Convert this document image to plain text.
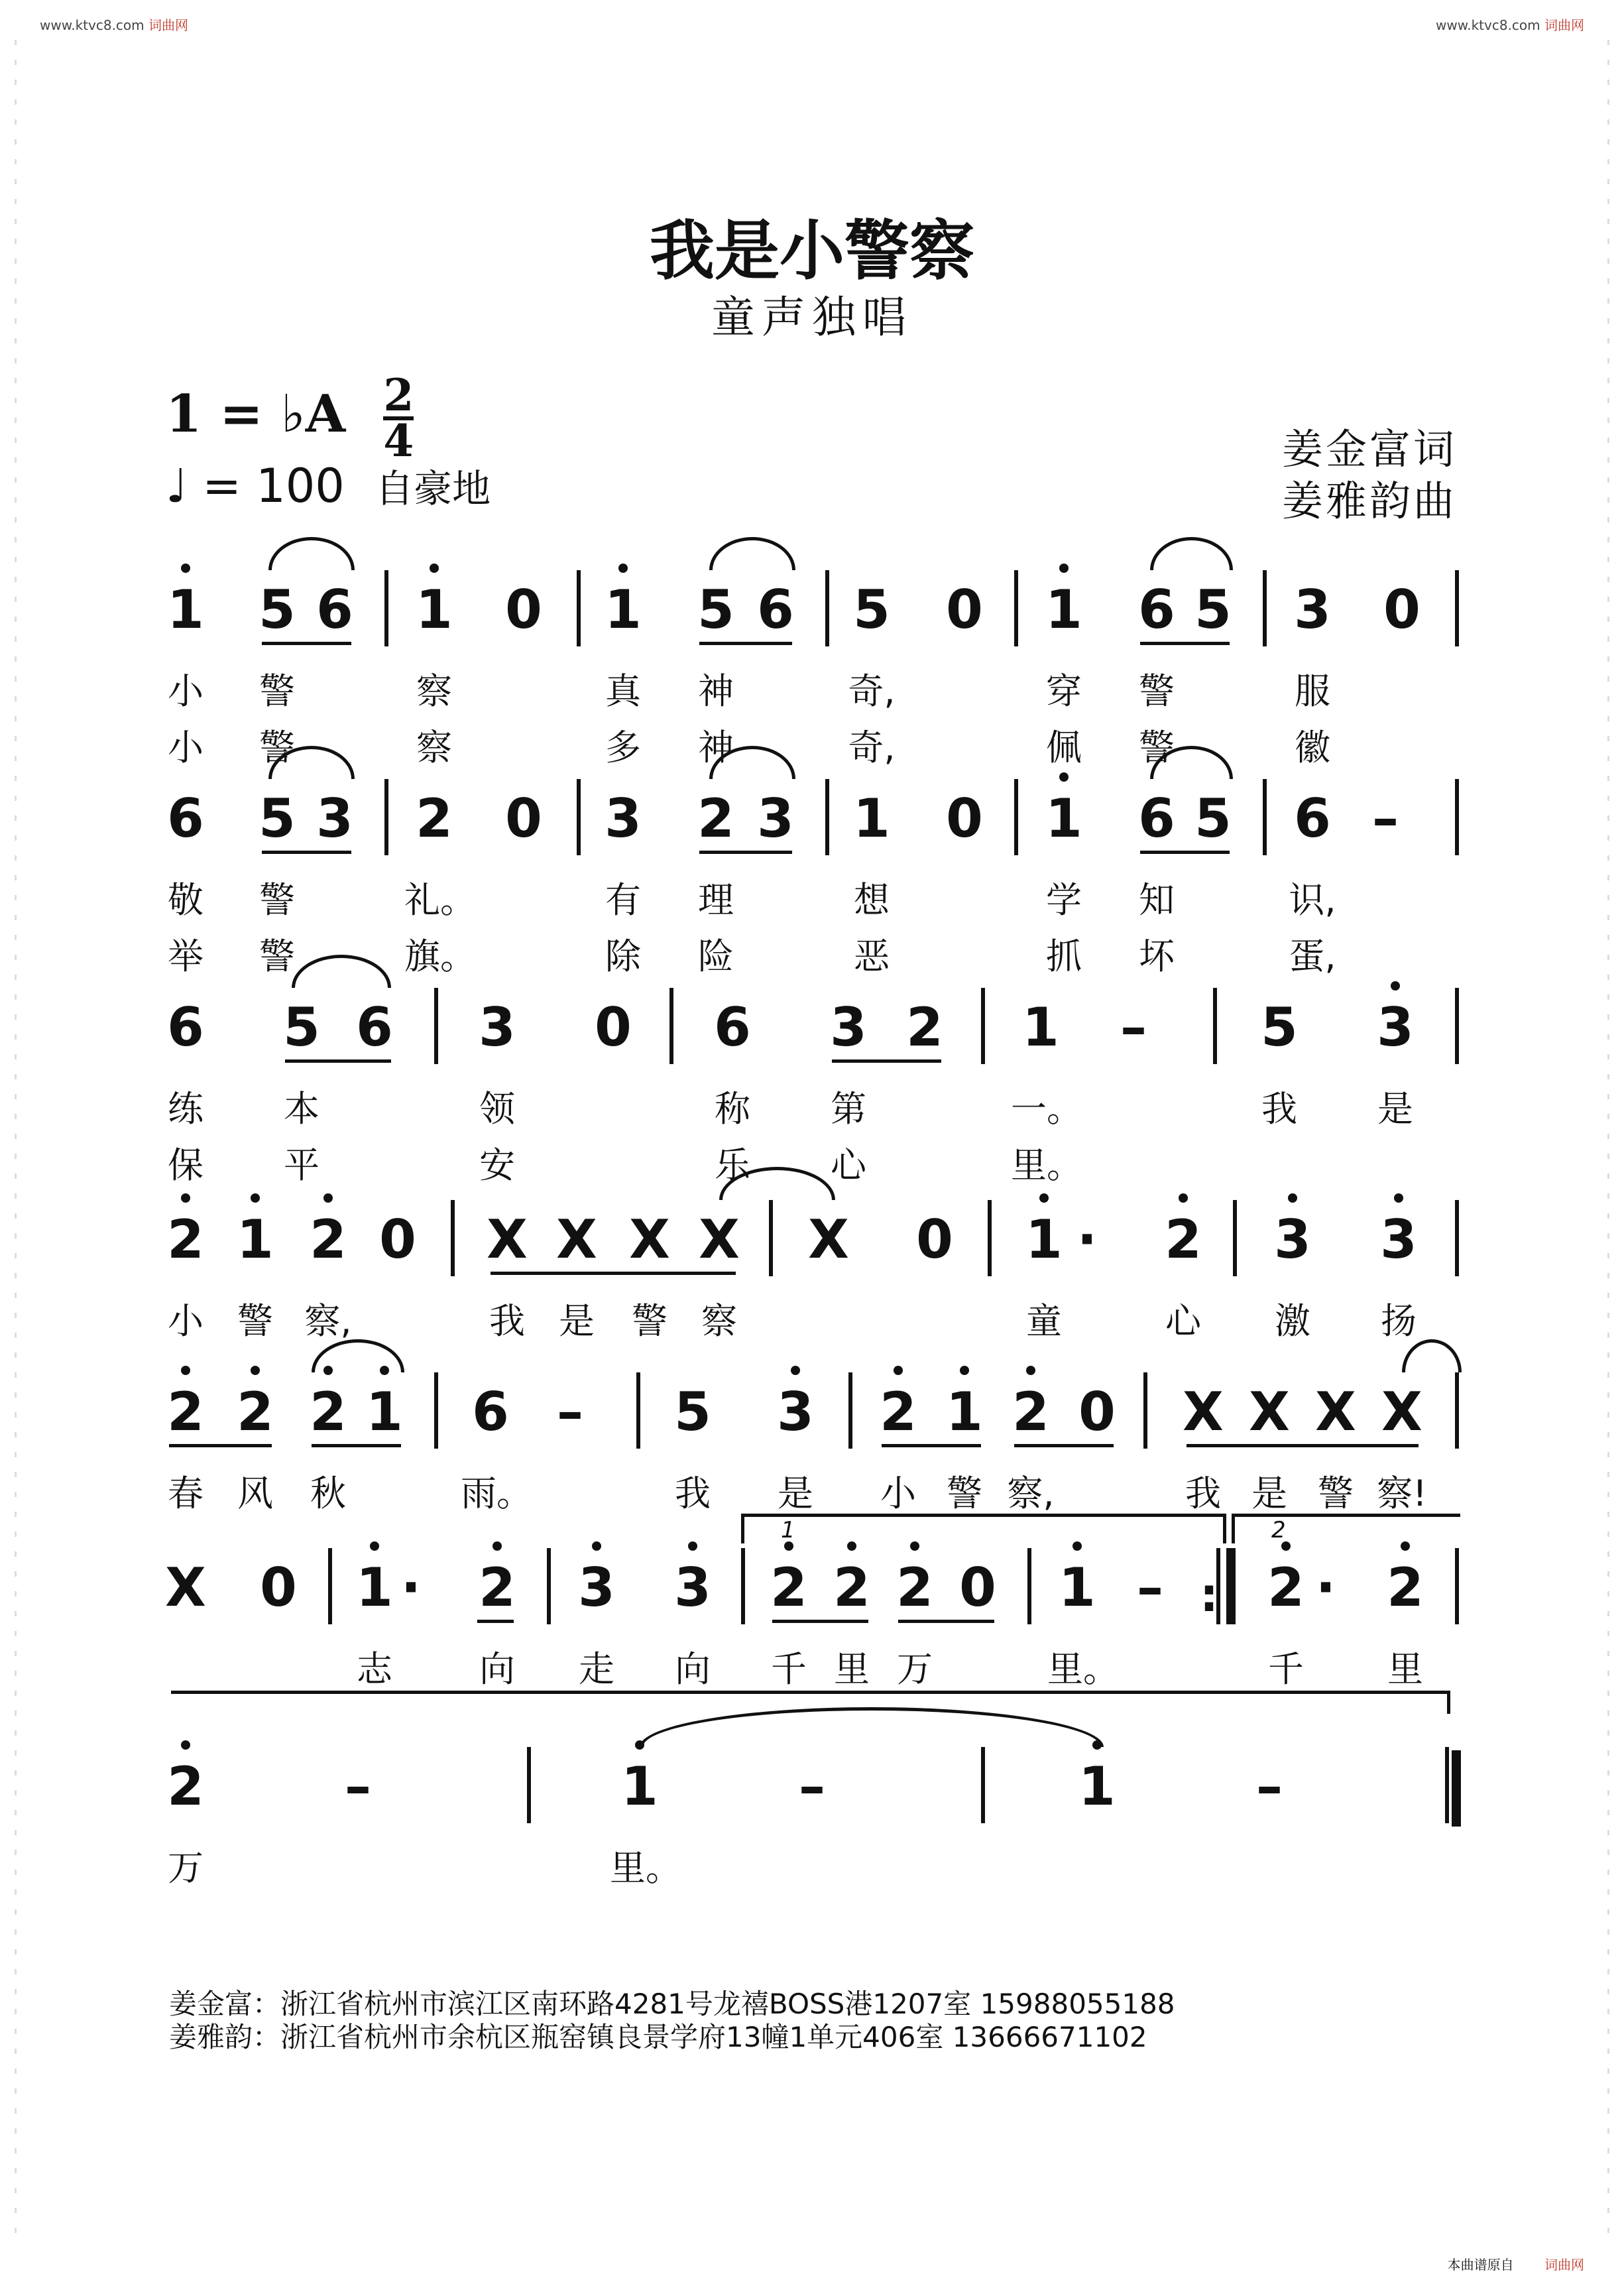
www.ktvc8.com 词曲网	www.ktvc8.com 词曲网
我是小警察
童声独唱
1 = ♭A $\frac{2}{4}$
♩ = 100 自豪地
姜金富词
姜雅韵曲
1 5 6 1 0 1 5 6 5 0 1 6 5 3 0
小	警	察	真	神	奇,	穿	警	服
小	警	察	多	神	奇,	佩	警	徽
6 5 3 2 0 3 2 3 1 0 1 6 5 6 –
敬	警	礼。	有	理	想	学	知	识,
举	警	旗。	除	险	恶	抓	坏	蛋,
6 5 6 3 0 6 3 2 1	–	5 3
练	本	领	称	第	一。	我	是
保	平	安	乐	心	里。
2 1 2 0 X X X X X 0 1 ·	2 3 3
小 警 察,	我 是	警 察	童	心	激	扬
2 2 2 1 6 –	5 3 2 1 2 0 X X X X
春 风	秋	雨。	我	是	小 警 察,	我 是 警 察!
X 0 1 ·	2 3 3 2 2 2 0 1 –	2 · 2
志	向	走	向	千 里 万	里。	千	里
2	–	1	–	1	–
万	里。
:
1	2
姜金富：浙江省杭州市滨江区南环路4281号龙禧BOSS港1207室 15988055188
姜雅韵：浙江省杭州市余杭区瓶窑镇良景学府13幢1单元406室 13666671102
本曲谱原自 词曲网
